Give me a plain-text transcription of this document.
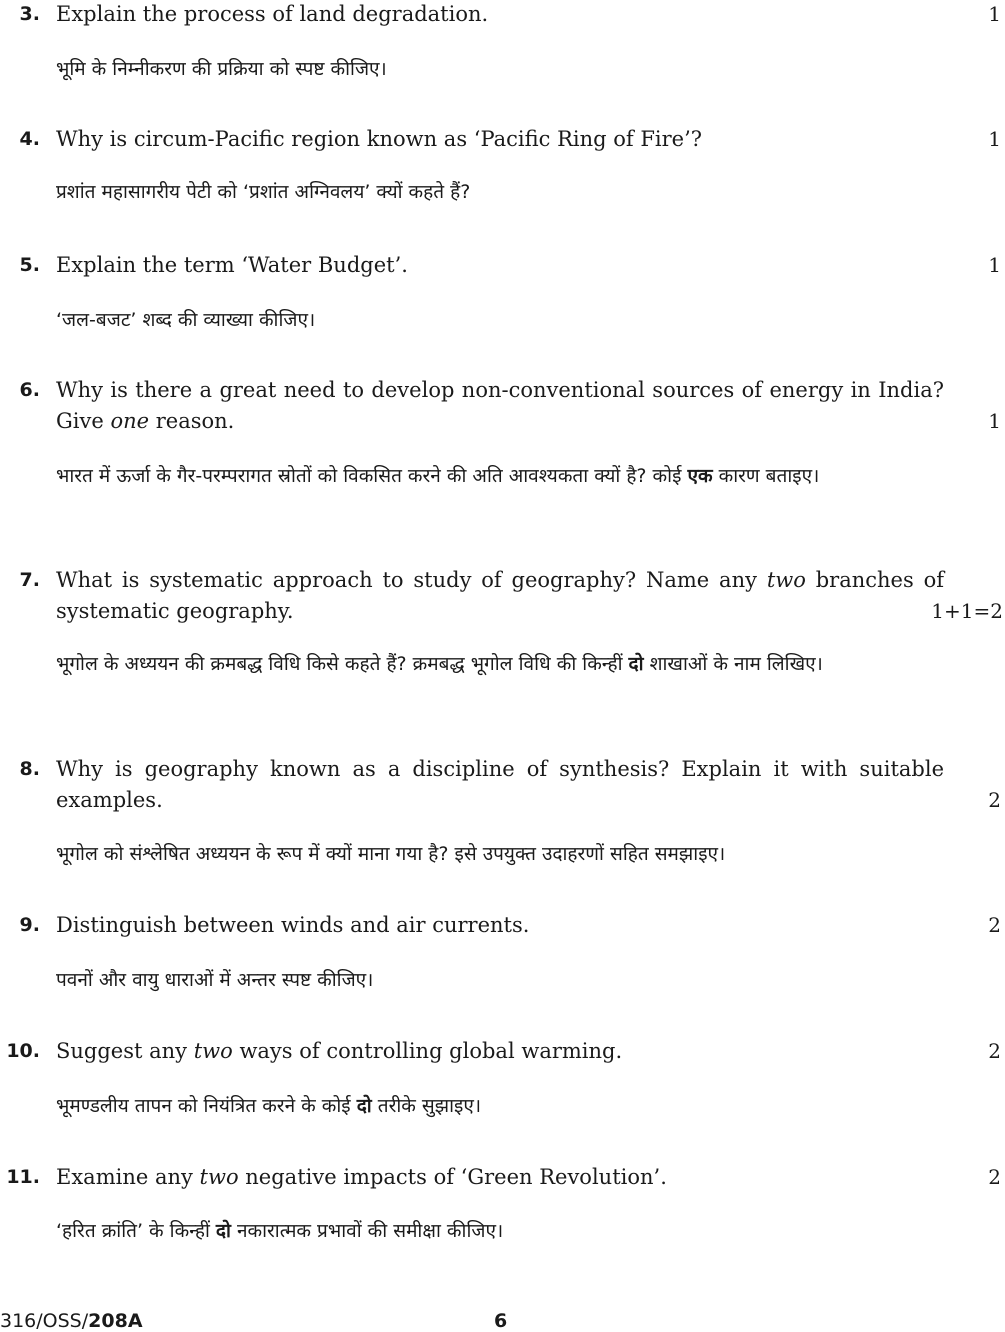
3. Explain the process of land degradation.	1
भूमि के निम्नीकरण की प्रक्रिया को स्पष्ट कीजिए।
4. Why is circum-Pacific region known as ‘Pacific Ring of Fire’?	1
प्रशांत महासागरीय पेटी को ‘प्रशांत अग्निवलय’ क्यों कहते हैं?
5. Explain the term ‘Water Budget’.	1
‘जल-बजट’ शब्द की व्याख्या कीजिए।
6. Why is there a great need to develop non-conventional sources of energy in India? Give one reason.	1
भारत में ऊर्जा के गैर-परम्परागत स्रोतों को विकसित करने की अति आवश्यकता क्यों है? कोई एक कारण बताइए।
7. What is systematic approach to study of geography? Name any two branches of systematic geography.	1+1=2
भूगोल के अध्ययन की क्रमबद्ध विधि किसे कहते हैं? क्रमबद्ध भूगोल विधि की किन्हीं दो शाखाओं के नाम लिखिए।
8. Why is geography known as a discipline of synthesis? Explain it with suitable examples.	2
भूगोल को संश्लेषित अध्ययन के रूप में क्यों माना गया है? इसे उपयुक्त उदाहरणों सहित समझाइए।
9. Distinguish between winds and air currents.	2
पवनों और वायु धाराओं में अन्तर स्पष्ट कीजिए।
10. Suggest any two ways of controlling global warming.	2
भूमण्डलीय तापन को नियंत्रित करने के कोई दो तरीके सुझाइए।
11. Examine any two negative impacts of ‘Green Revolution’.	2
‘हरित क्रांति’ के किन्हीं दो नकारात्मक प्रभावों की समीक्षा कीजिए।
316/OSS/208A	6
